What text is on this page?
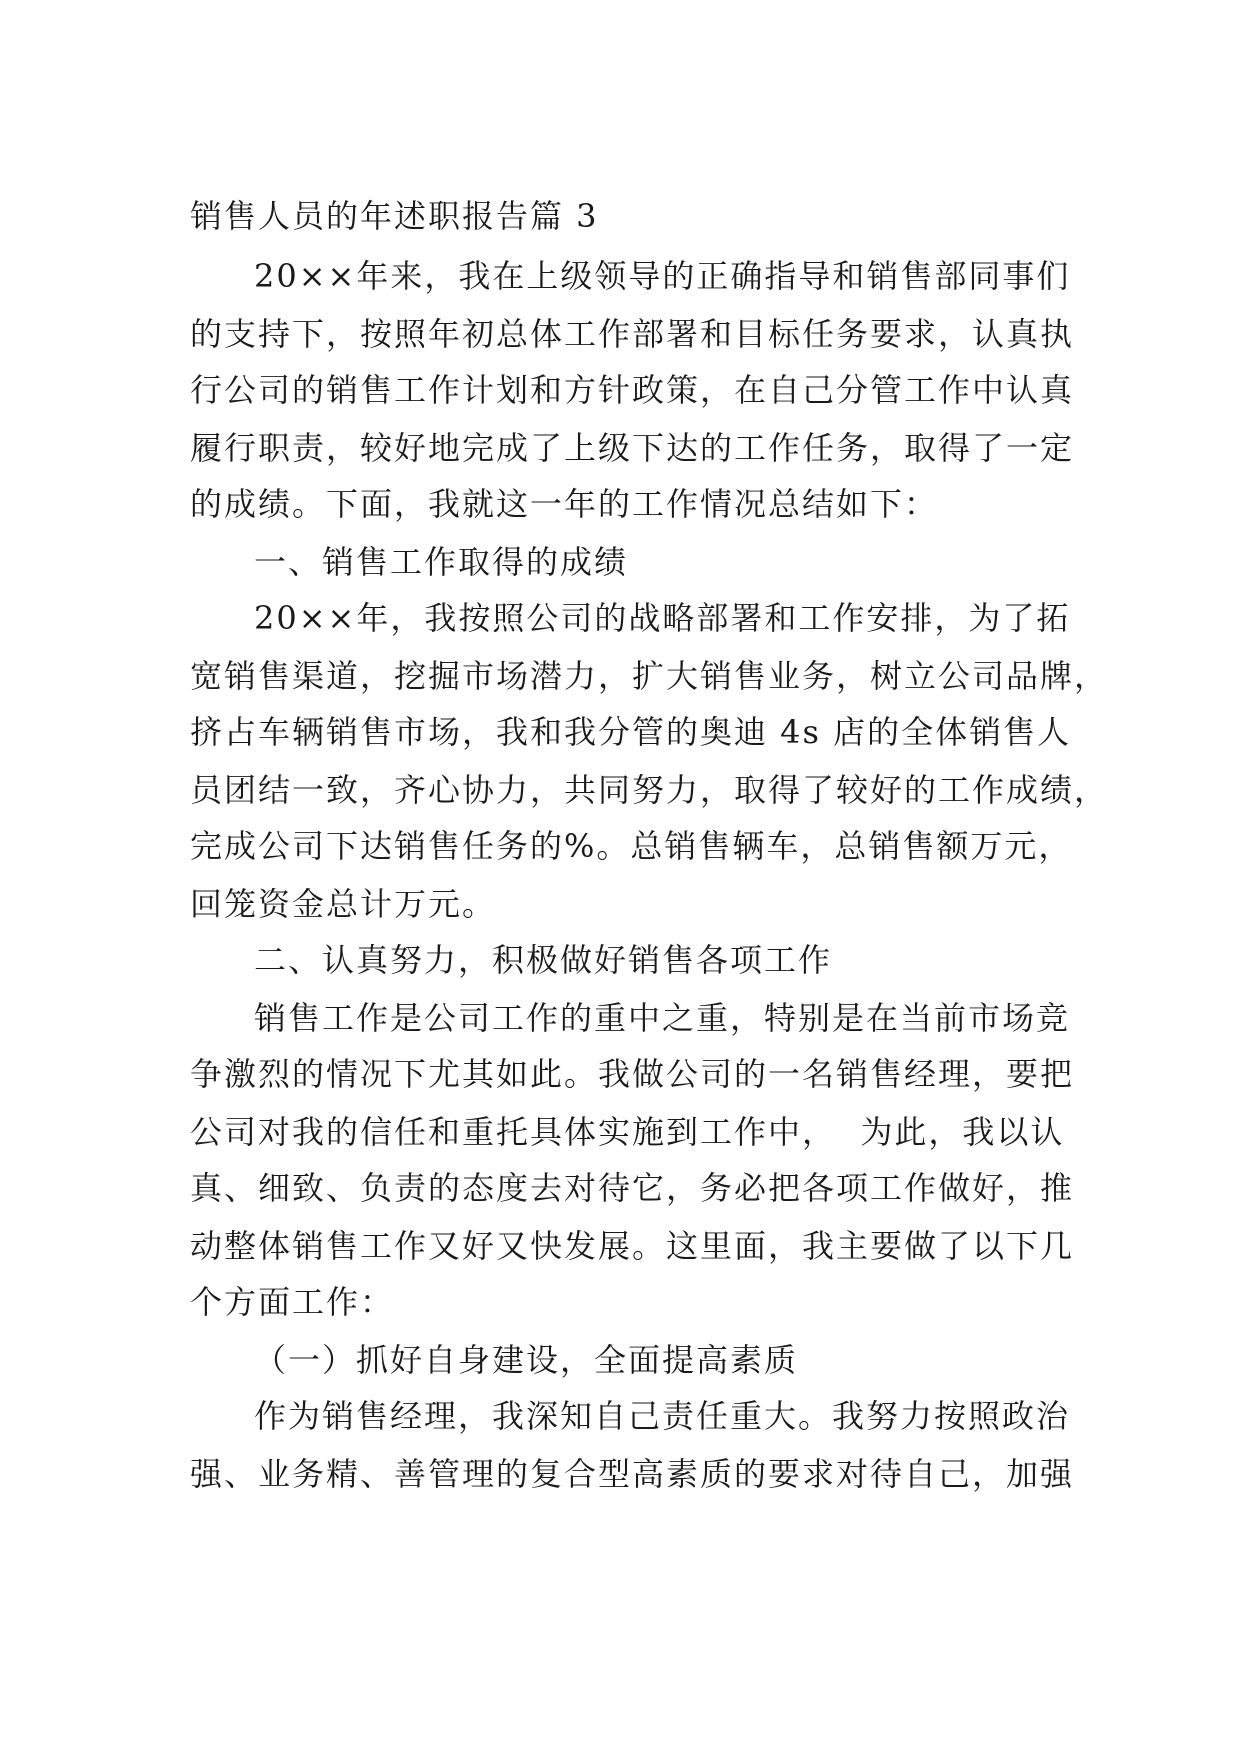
销售人员的年述职报告篇 3
20××年来，我在上级领导的正确指导和销售部同事们
的支持下，按照年初总体工作部署和目标任务要求，认真执
行公司的销售工作计划和方针政策，在自己分管工作中认真
履行职责，较好地完成了上级下达的工作任务，取得了一定
的成绩。下面，我就这一年的工作情况总结如下：
一、销售工作取得的成绩
20××年，我按照公司的战略部署和工作安排，为了拓
宽销售渠道，挖掘市场潜力，扩大销售业务，树立公司品牌，
挤占车辆销售市场，我和我分管的奥迪 4s 店的全体销售人
员团结一致，齐心协力，共同努力，取得了较好的工作成绩，
完成公司下达销售任务的%。总销售辆车，总销售额万元，
回笼资金总计万元。
二、认真努力，积极做好销售各项工作
销售工作是公司工作的重中之重，特别是在当前市场竞
争激烈的情况下尤其如此。我做公司的一名销售经理，要把
公司对我的信任和重托具体实施到工作中，  为此，我以认
真、细致、负责的态度去对待它，务必把各项工作做好，推
动整体销售工作又好又快发展。这里面，我主要做了以下几
个方面工作：
（一）抓好自身建设，全面提高素质
作为销售经理，我深知自己责任重大。我努力按照政治
强、业务精、善管理的复合型高素质的要求对待自己，加强
